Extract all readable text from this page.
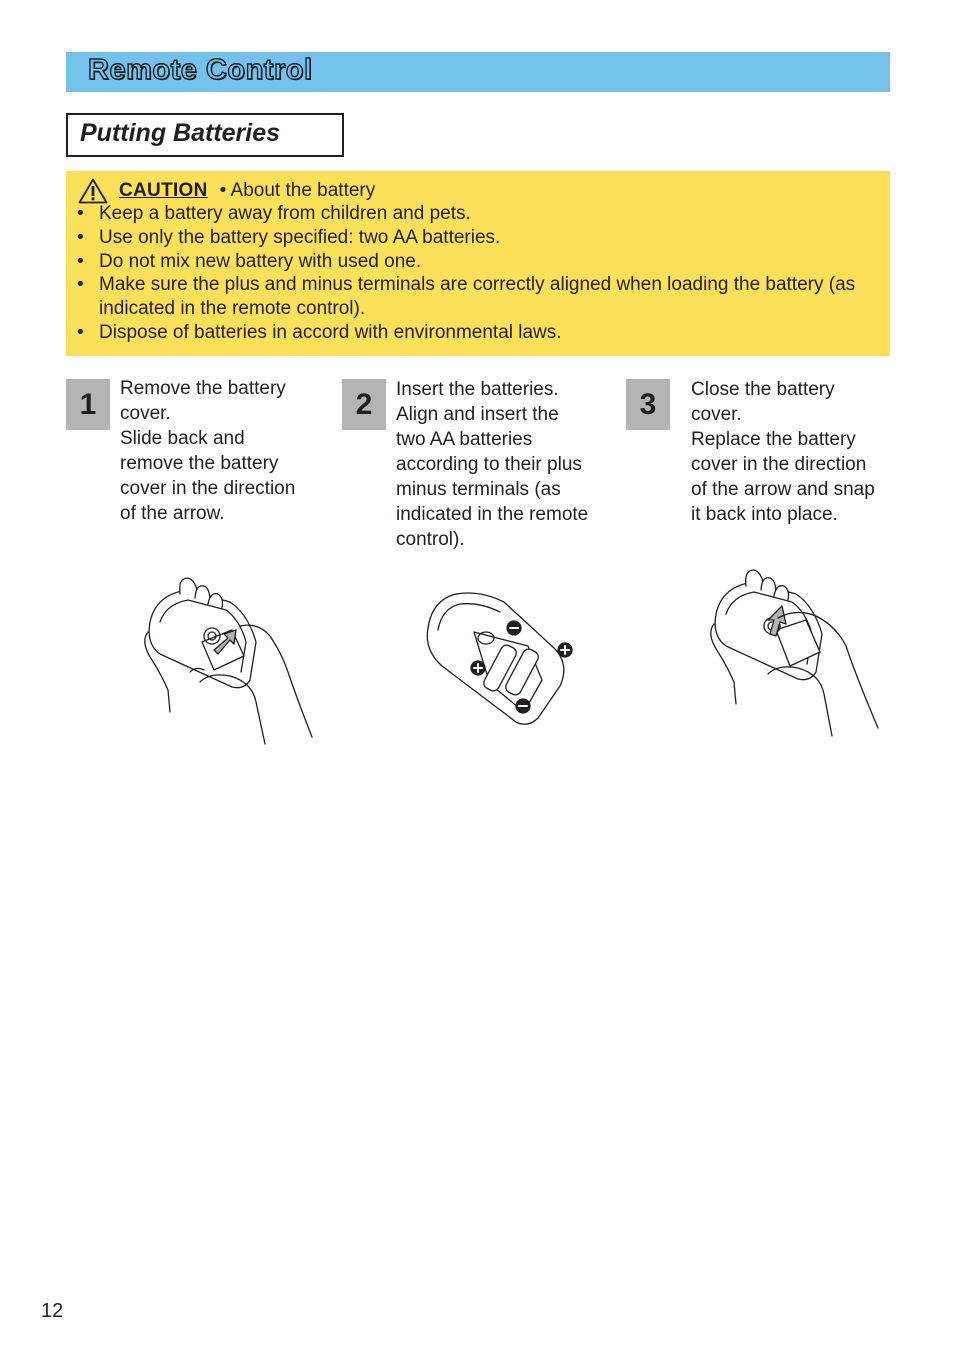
Remote Control
Putting Batteries
CAUTION • About the battery
• Keep a battery away from children and pets.
• Use only the battery specified: two AA batteries.
• Do not mix new battery with used one.
• Make sure the plus and minus terminals are correctly aligned when loading the battery (as indicated in the remote control).
• Dispose of batteries in accord with environmental laws.
1	Remove the battery
cover.
Slide back and
remove the battery
cover in the direction
of the arrow.
2	Insert the batteries.
Align and insert the
two AA batteries
according to their plus
minus terminals (as
indicated in the remote
control).
3	Close the battery
cover.
Replace the battery
cover in the direction
of the arrow and snap
it back into place.
12
